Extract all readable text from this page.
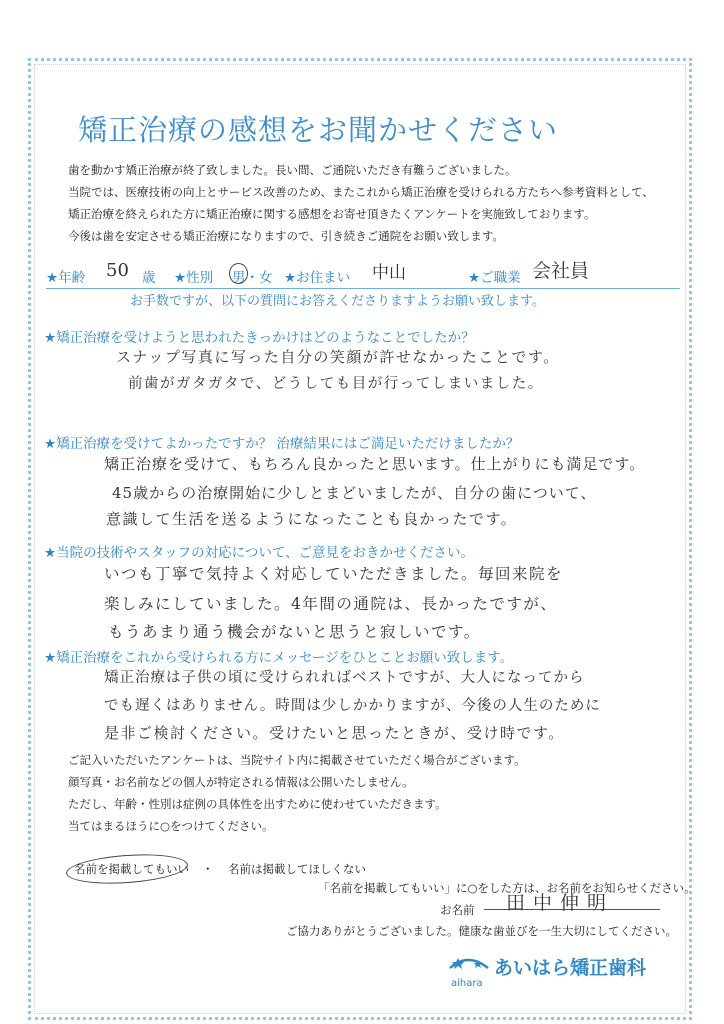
矯正治療の感想をお聞かせください
歯を動かす矯正治療が終了致しました。長い間、ご通院いただき有難うございました。
当院では、医療技術の向上とサービス改善のため、またこれから矯正治療を受けられる方たちへ参考資料として、
矯正治療を終えられた方に矯正治療に関する感想をお寄せ頂きたくアンケートを実施致しております。
今後は歯を安定させる矯正治療になりますので、引き続きご通院をお願い致します。
★年齢 50 歳 ★性別 男・女 ★お住まい 中山	★ご職業 会社員
お手数ですが、以下の質問にお答えくださりますようお願い致します。
★矯正治療を受けようと思われたきっかけはどのようなことでしたか？
スナップ写真に写った自分の笑顔が許せなかったことです。
前歯がガタガタで、どうしても目が行ってしまいました。
★矯正治療を受けてよかったですか？ 治療結果にはご満足いただけましたか？
矯正治療を受けて、もちろん良かったと思います。仕上がりにも満足です。
45歳からの治療開始に少しとまどいましたが、自分の歯について、
意識して生活を送るようになったことも良かったです。
★当院の技術やスタッフの対応について、ご意見をおきかせください。
いつも丁寧で気持よく対応していただきました。毎回来院を
楽しみにしていました。4年間の通院は、長かったですが、
もうあまり通う機会がないと思うと寂しいです。
★矯正治療をこれから受けられる方にメッセージをひとことお願い致します。
矯正治療は子供の頃に受けられればベストですが、大人になってから
でも遅くはありません。時間は少しかかりますが、今後の人生のために
是非ご検討ください。受けたいと思ったときが、受け時です。
ご記入いただいたアンケートは、当院サイト内に掲載させていただく場合がございます。
顔写真・お名前などの個人が特定される情報は公開いたしません。
ただし、年齢・性別は症例の具体性を出すために使わせていただきます。
当てはまるほうに○をつけてください。
名前を掲載してもいい ・ 名前は掲載してほしくない
「名前を掲載してもいい」に○をした方は、お名前をお知らせください。
お名前 田中伸明
ご協力ありがとうございました。健康な歯並びを一生大切にしてください。
あいはら矯正歯科
aihara
